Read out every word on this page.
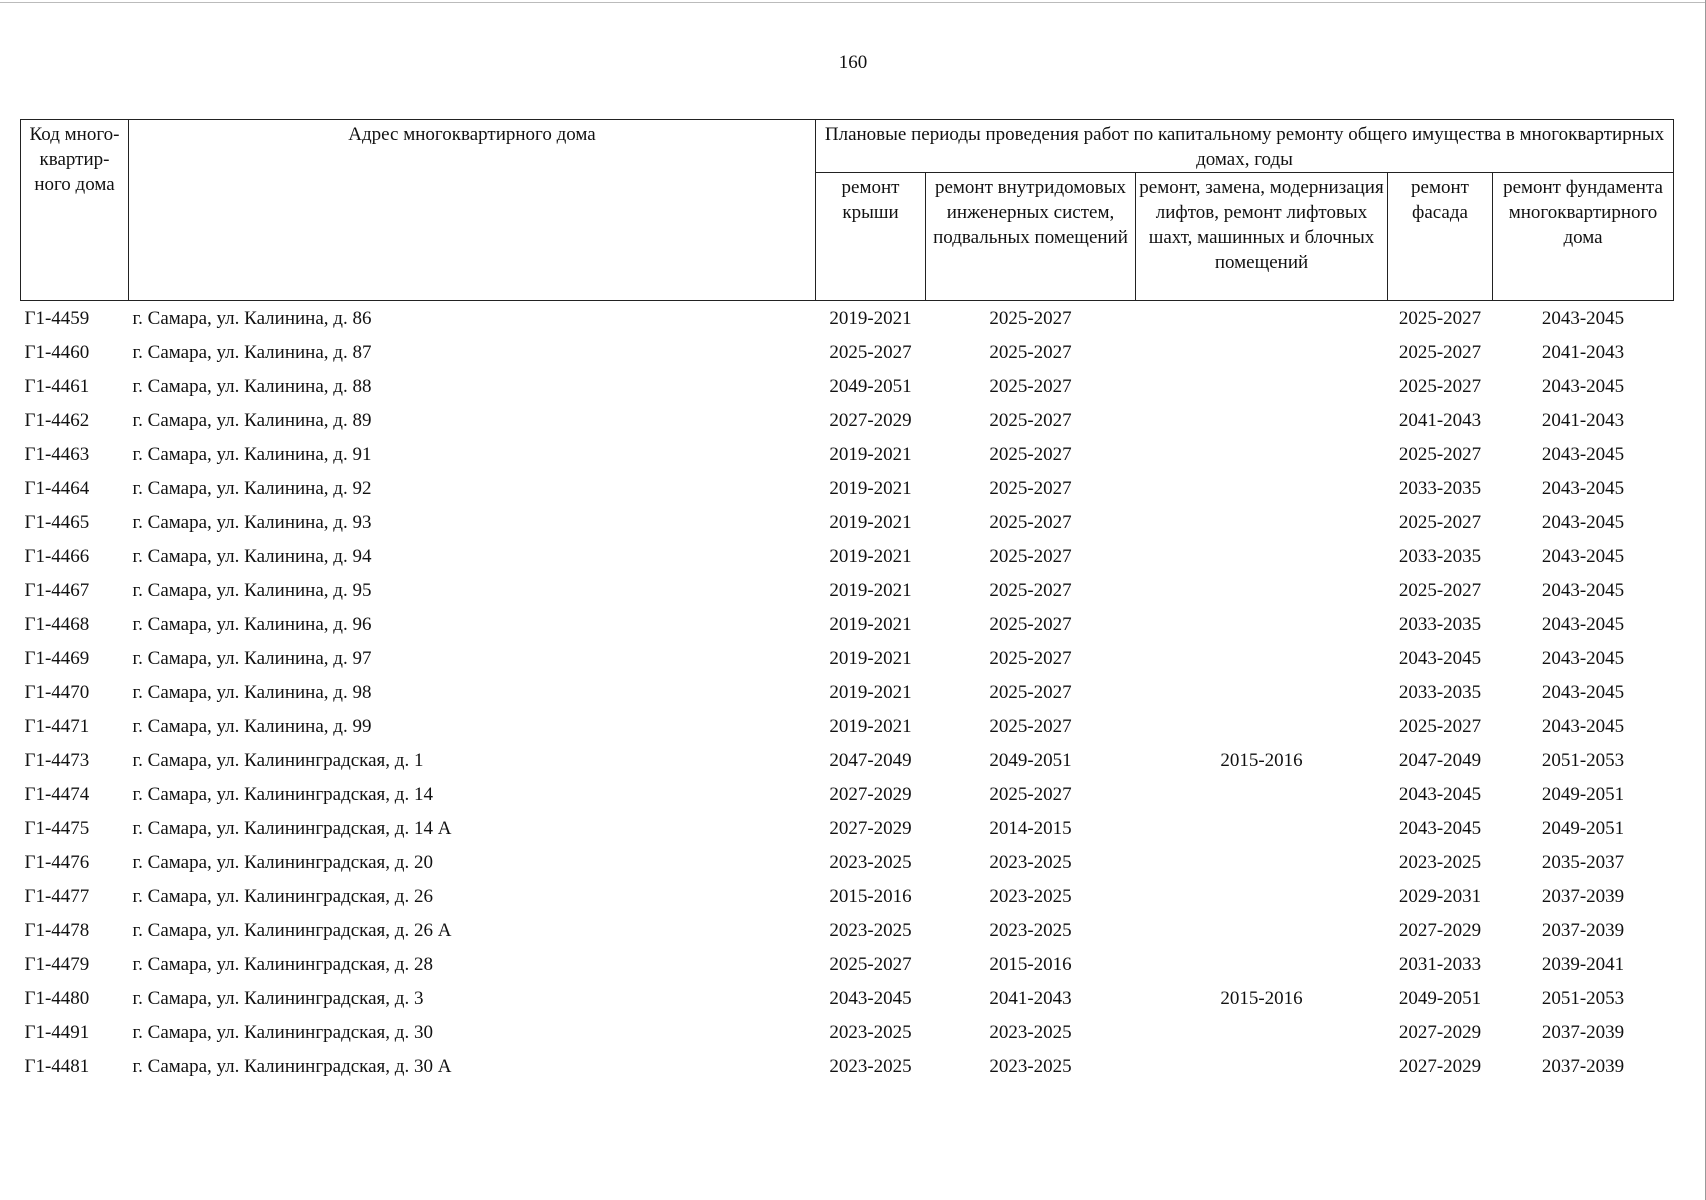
160
Код много-квартир-ного дома	Адрес многоквартирного дома	Плановые периоды проведения работ по капитальному ремонту общего имущества в многоквартирных домах, годы				
		ремонт крыши	ремонт внутридомовых инженерных систем, подвальных помещений	ремонт, замена, модернизация лифтов, ремонт лифтовых шахт, машинных и блочных помещений	ремонт фасада	ремонт фундамента многоквартирного дома
Г1-4459	г. Самара, ул. Калинина, д. 86	2019-2021	2025-2027		2025-2027	2043-2045
Г1-4460	г. Самара, ул. Калинина, д. 87	2025-2027	2025-2027		2025-2027	2041-2043
Г1-4461	г. Самара, ул. Калинина, д. 88	2049-2051	2025-2027		2025-2027	2043-2045
Г1-4462	г. Самара, ул. Калинина, д. 89	2027-2029	2025-2027		2041-2043	2041-2043
Г1-4463	г. Самара, ул. Калинина, д. 91	2019-2021	2025-2027		2025-2027	2043-2045
Г1-4464	г. Самара, ул. Калинина, д. 92	2019-2021	2025-2027		2033-2035	2043-2045
Г1-4465	г. Самара, ул. Калинина, д. 93	2019-2021	2025-2027		2025-2027	2043-2045
Г1-4466	г. Самара, ул. Калинина, д. 94	2019-2021	2025-2027		2033-2035	2043-2045
Г1-4467	г. Самара, ул. Калинина, д. 95	2019-2021	2025-2027		2025-2027	2043-2045
Г1-4468	г. Самара, ул. Калинина, д. 96	2019-2021	2025-2027		2033-2035	2043-2045
Г1-4469	г. Самара, ул. Калинина, д. 97	2019-2021	2025-2027		2043-2045	2043-2045
Г1-4470	г. Самара, ул. Калинина, д. 98	2019-2021	2025-2027		2033-2035	2043-2045
Г1-4471	г. Самара, ул. Калинина, д. 99	2019-2021	2025-2027		2025-2027	2043-2045
Г1-4473	г. Самара, ул. Калининградская, д. 1	2047-2049	2049-2051	2015-2016	2047-2049	2051-2053
Г1-4474	г. Самара, ул. Калининградская, д. 14	2027-2029	2025-2027		2043-2045	2049-2051
Г1-4475	г. Самара, ул. Калининградская, д. 14 А	2027-2029	2014-2015		2043-2045	2049-2051
Г1-4476	г. Самара, ул. Калининградская, д. 20	2023-2025	2023-2025		2023-2025	2035-2037
Г1-4477	г. Самара, ул. Калининградская, д. 26	2015-2016	2023-2025		2029-2031	2037-2039
Г1-4478	г. Самара, ул. Калининградская, д. 26 А	2023-2025	2023-2025		2027-2029	2037-2039
Г1-4479	г. Самара, ул. Калининградская, д. 28	2025-2027	2015-2016		2031-2033	2039-2041
Г1-4480	г. Самара, ул. Калининградская, д. 3	2043-2045	2041-2043	2015-2016	2049-2051	2051-2053
Г1-4491	г. Самара, ул. Калининградская, д. 30	2023-2025	2023-2025		2027-2029	2037-2039
Г1-4481	г. Самара, ул. Калининградская, д. 30 А	2023-2025	2023-2025		2027-2029	2037-2039
